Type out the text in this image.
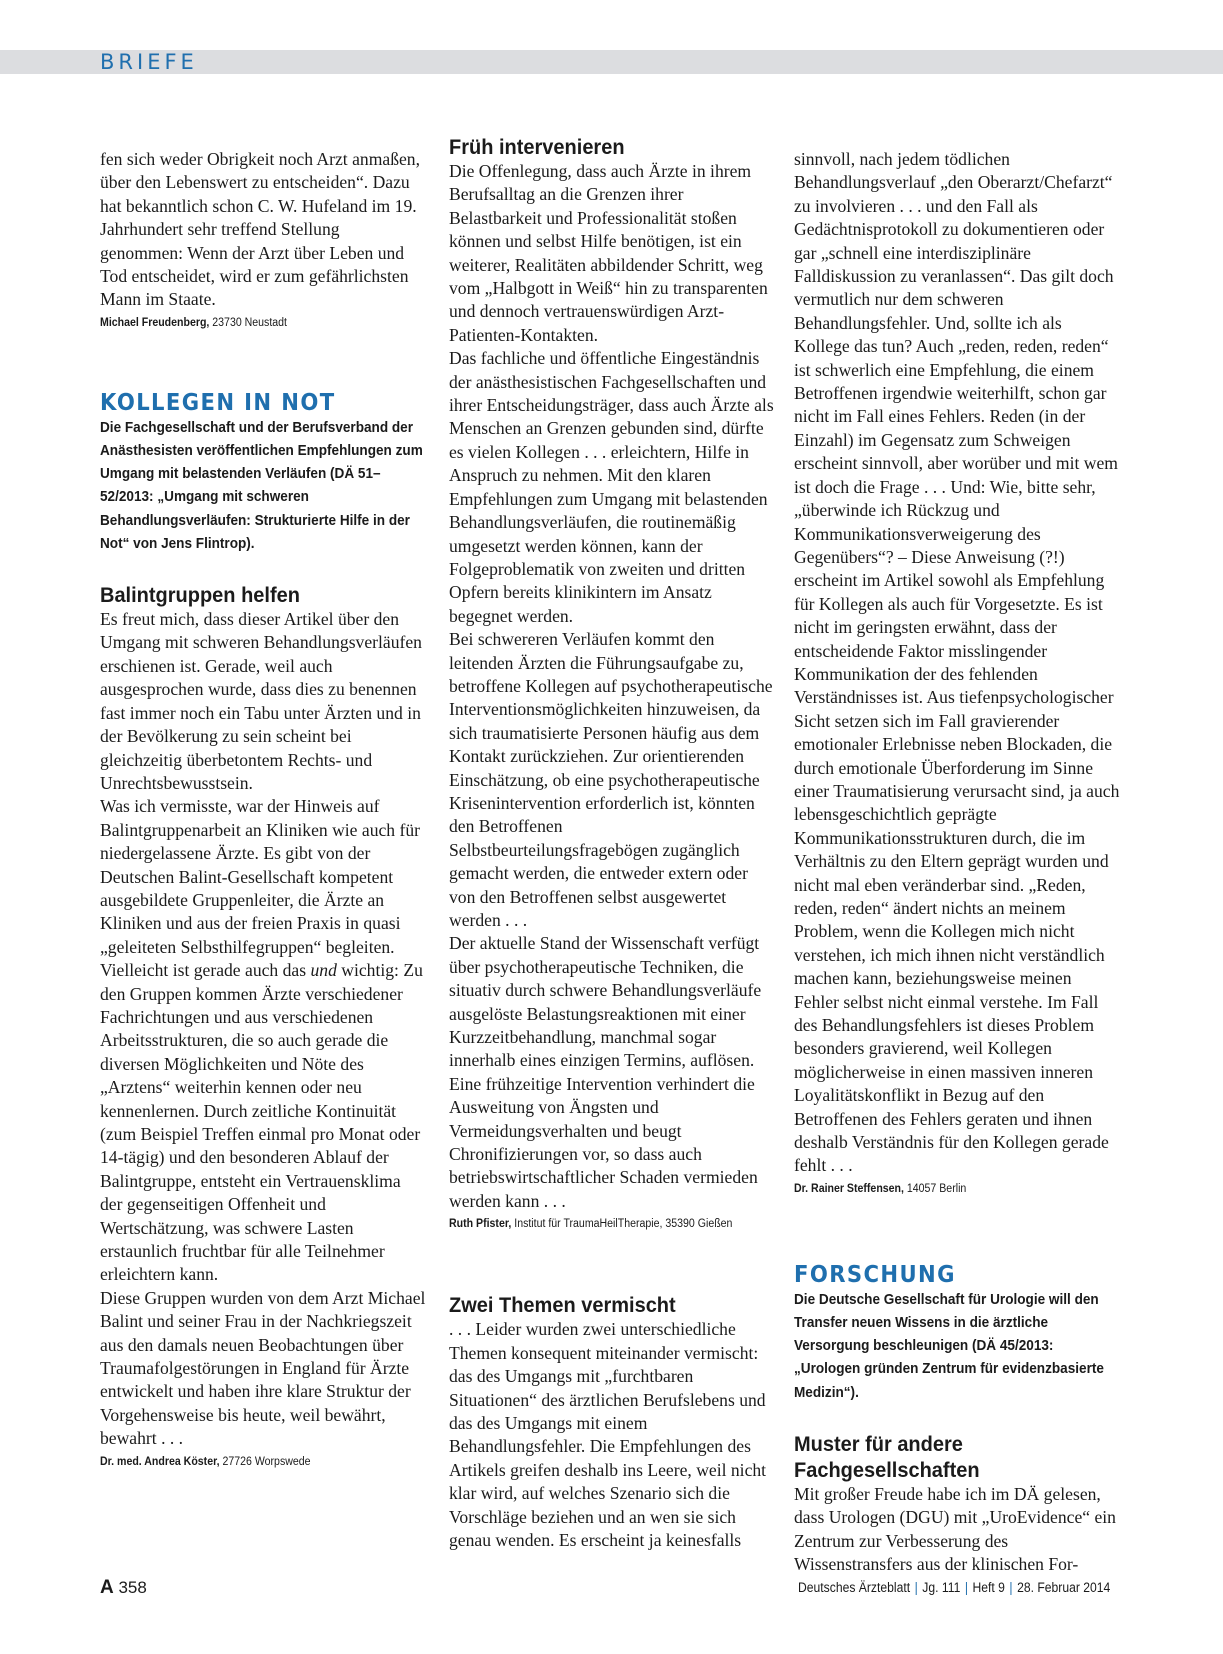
BRIEFE

fen sich weder Obrigkeit noch Arzt anmaßen, über den Lebenswert zu entscheiden“. Dazu hat bekanntlich schon C. W. Hufeland im 19. Jahrhundert sehr treffend Stellung genommen: Wenn der Arzt über Leben und Tod entscheidet, wird er zum gefährlichsten Mann im Staate.

Michael Freudenberg, 23730 Neustadt
KOLLEGEN IN NOT

Die Fachgesellschaft und der Berufsverband der Anästhesisten veröffentlichen Empfehlungen zum Umgang mit belastenden Verläufen (DÄ 51–52/2013: „Umgang mit schweren Behandlungsverläufen: Strukturierte Hilfe in der Not“ von Jens Flintrop).

Balintgruppen helfen

Es freut mich, dass dieser Artikel über den Umgang mit schweren Behandlungsverläufen erschienen ist. Gerade, weil auch ausgesprochen wurde, dass dies zu benennen fast immer noch ein Tabu unter Ärzten und in der Bevölkerung zu sein scheint bei gleichzeitig überbetontem Rechts- und Unrechtsbewusstsein.

Was ich vermisste, war der Hinweis auf Balintgruppenarbeit an Kliniken wie auch für niedergelassene Ärzte. Es gibt von der Deutschen Balint-Gesellschaft kompetent ausgebildete Gruppenleiter, die Ärzte an Kliniken und aus der freien Praxis in quasi „geleiteten Selbsthilfegruppen“ begleiten. Vielleicht ist gerade auch das und wichtig: Zu den Gruppen kommen Ärzte verschiedener Fachrichtungen und aus verschiedenen Arbeitsstrukturen, die so auch gerade die diversen Möglichkeiten und Nöte des „Arztens“ weiterhin kennen oder neu kennenlernen. Durch zeitliche Kontinuität (zum Beispiel Treffen einmal pro Monat oder 14-tägig) und den besonderen Ablauf der Balintgruppe, entsteht ein Vertrauensklima der gegenseitigen Offenheit und Wertschätzung, was schwere Lasten erstaunlich fruchtbar für alle Teilnehmer erleichtern kann.

Diese Gruppen wurden von dem Arzt Michael Balint und seiner Frau in der Nachkriegszeit aus den damals neuen Beobachtungen über Traumafolgestörungen in England für Ärzte entwickelt und haben ihre klare Struktur der Vorgehensweise bis heute, weil bewährt, bewahrt . . .

Dr. med. Andrea Köster, 27726 Worpswede
Früh intervenieren

Die Offenlegung, dass auch Ärzte in ihrem Berufsalltag an die Grenzen ihrer Belastbarkeit und Professionalität stoßen können und selbst Hilfe benötigen, ist ein weiterer, Realitäten abbildender Schritt, weg vom „Halbgott in Weiß“ hin zu transparenten und dennoch vertrauenswürdigen Arzt-Patienten-Kontakten.

Das fachliche und öffentliche Eingeständnis der anästhesistischen Fachgesellschaften und ihrer Entscheidungsträger, dass auch Ärzte als Menschen an Grenzen gebunden sind, dürfte es vielen Kollegen . . . erleichtern, Hilfe in Anspruch zu nehmen. Mit den klaren Empfehlungen zum Umgang mit belastenden Behandlungsverläufen, die routinemäßig umgesetzt werden können, kann der Folgeproblematik von zweiten und dritten Opfern bereits klinikintern im Ansatz begegnet werden.

Bei schwereren Verläufen kommt den leitenden Ärzten die Führungsaufgabe zu, betroffene Kollegen auf psychotherapeutische Interventionsmöglichkeiten hinzuweisen, da sich traumatisierte Personen häufig aus dem Kontakt zurückziehen. Zur orientierenden Einschätzung, ob eine psychotherapeutische Krisenintervention erforderlich ist, könnten den Betroffenen Selbstbeurteilungsfragebögen zugänglich gemacht werden, die entweder extern oder von den Betroffenen selbst ausgewertet werden . . .

Der aktuelle Stand der Wissenschaft verfügt über psychotherapeutische Techniken, die situativ durch schwere Behandlungsverläufe ausgelöste Belastungsreaktionen mit einer Kurzzeitbehandlung, manchmal sogar innerhalb eines einzigen Termins, auflösen.

Eine frühzeitige Intervention verhindert die Ausweitung von Ängsten und Vermeidungsverhalten und beugt Chronifizierungen vor, so dass auch betriebswirtschaftlicher Schaden vermieden werden kann . . .

Ruth Pfister, Institut für TraumaHeilTherapie, 35390 Gießen
Zwei Themen vermischt

. . . Leider wurden zwei unterschiedliche Themen konsequent miteinander vermischt: das des Umgangs mit „furchtbaren Situationen“ des ärztlichen Berufslebens und das des Umgangs mit einem Behandlungsfehler. Die Empfehlungen des Artikels greifen deshalb ins Leere, weil nicht klar wird, auf welches Szenario sich die Vorschläge beziehen und an wen sie sich genau wenden. Es erscheint ja keinesfalls

sinnvoll, nach jedem tödlichen Behandlungsverlauf „den Oberarzt/Chefarzt“ zu involvieren . . . und den Fall als Gedächtnisprotokoll zu dokumentieren oder gar „schnell eine interdisziplinäre Falldiskussion zu veranlassen“. Das gilt doch vermutlich nur dem schweren Behandlungsfehler. Und, sollte ich als Kollege das tun? Auch „reden, reden, reden“ ist schwerlich eine Empfehlung, die einem Betroffenen irgendwie weiterhilft, schon gar nicht im Fall eines Fehlers. Reden (in der Einzahl) im Gegensatz zum Schweigen erscheint sinnvoll, aber worüber und mit wem ist doch die Frage . . . Und: Wie, bitte sehr, „überwinde ich Rückzug und Kommunikationsverweigerung des Gegenübers“? – Diese Anweisung (?!) erscheint im Artikel sowohl als Empfehlung für Kollegen als auch für Vorgesetzte. Es ist nicht im geringsten erwähnt, dass der entscheidende Faktor misslingender Kommunikation der des fehlenden Verständnisses ist. Aus tiefenpsychologischer Sicht setzen sich im Fall gravierender emotionaler Erlebnisse neben Blockaden, die durch emotionale Überforderung im Sinne einer Traumatisierung verursacht sind, ja auch lebensgeschichtlich geprägte Kommunikationsstrukturen durch, die im Verhältnis zu den Eltern geprägt wurden und nicht mal eben veränderbar sind. „Reden, reden, reden“ ändert nichts an meinem Problem, wenn die Kollegen mich nicht verstehen, ich mich ihnen nicht verständlich machen kann, beziehungsweise meinen Fehler selbst nicht einmal verstehe. Im Fall des Behandlungsfehlers ist dieses Problem besonders gravierend, weil Kollegen möglicherweise in einen massiven inneren Loyalitätskonflikt in Bezug auf den Betroffenen des Fehlers geraten und ihnen deshalb Verständnis für den Kollegen gerade fehlt . . .

Dr. Rainer Steffensen, 14057 Berlin
FORSCHUNG

Die Deutsche Gesellschaft für Urologie will den Transfer neuen Wissens in die ärztliche Versorgung beschleunigen (DÄ 45/2013: „Urologen gründen Zentrum für evidenzbasierte Medizin“).

Muster für andere
Fachgesellschaften

Mit großer Freude habe ich im DÄ gelesen, dass Urologen (DGU) mit „UroEvidence“ ein Zentrum zur Verbesserung des Wissenstransfers aus der klinischen For-

A 358	Deutsches Ärzteblatt | Jg. 111 | Heft 9 | 28. Februar 2014
